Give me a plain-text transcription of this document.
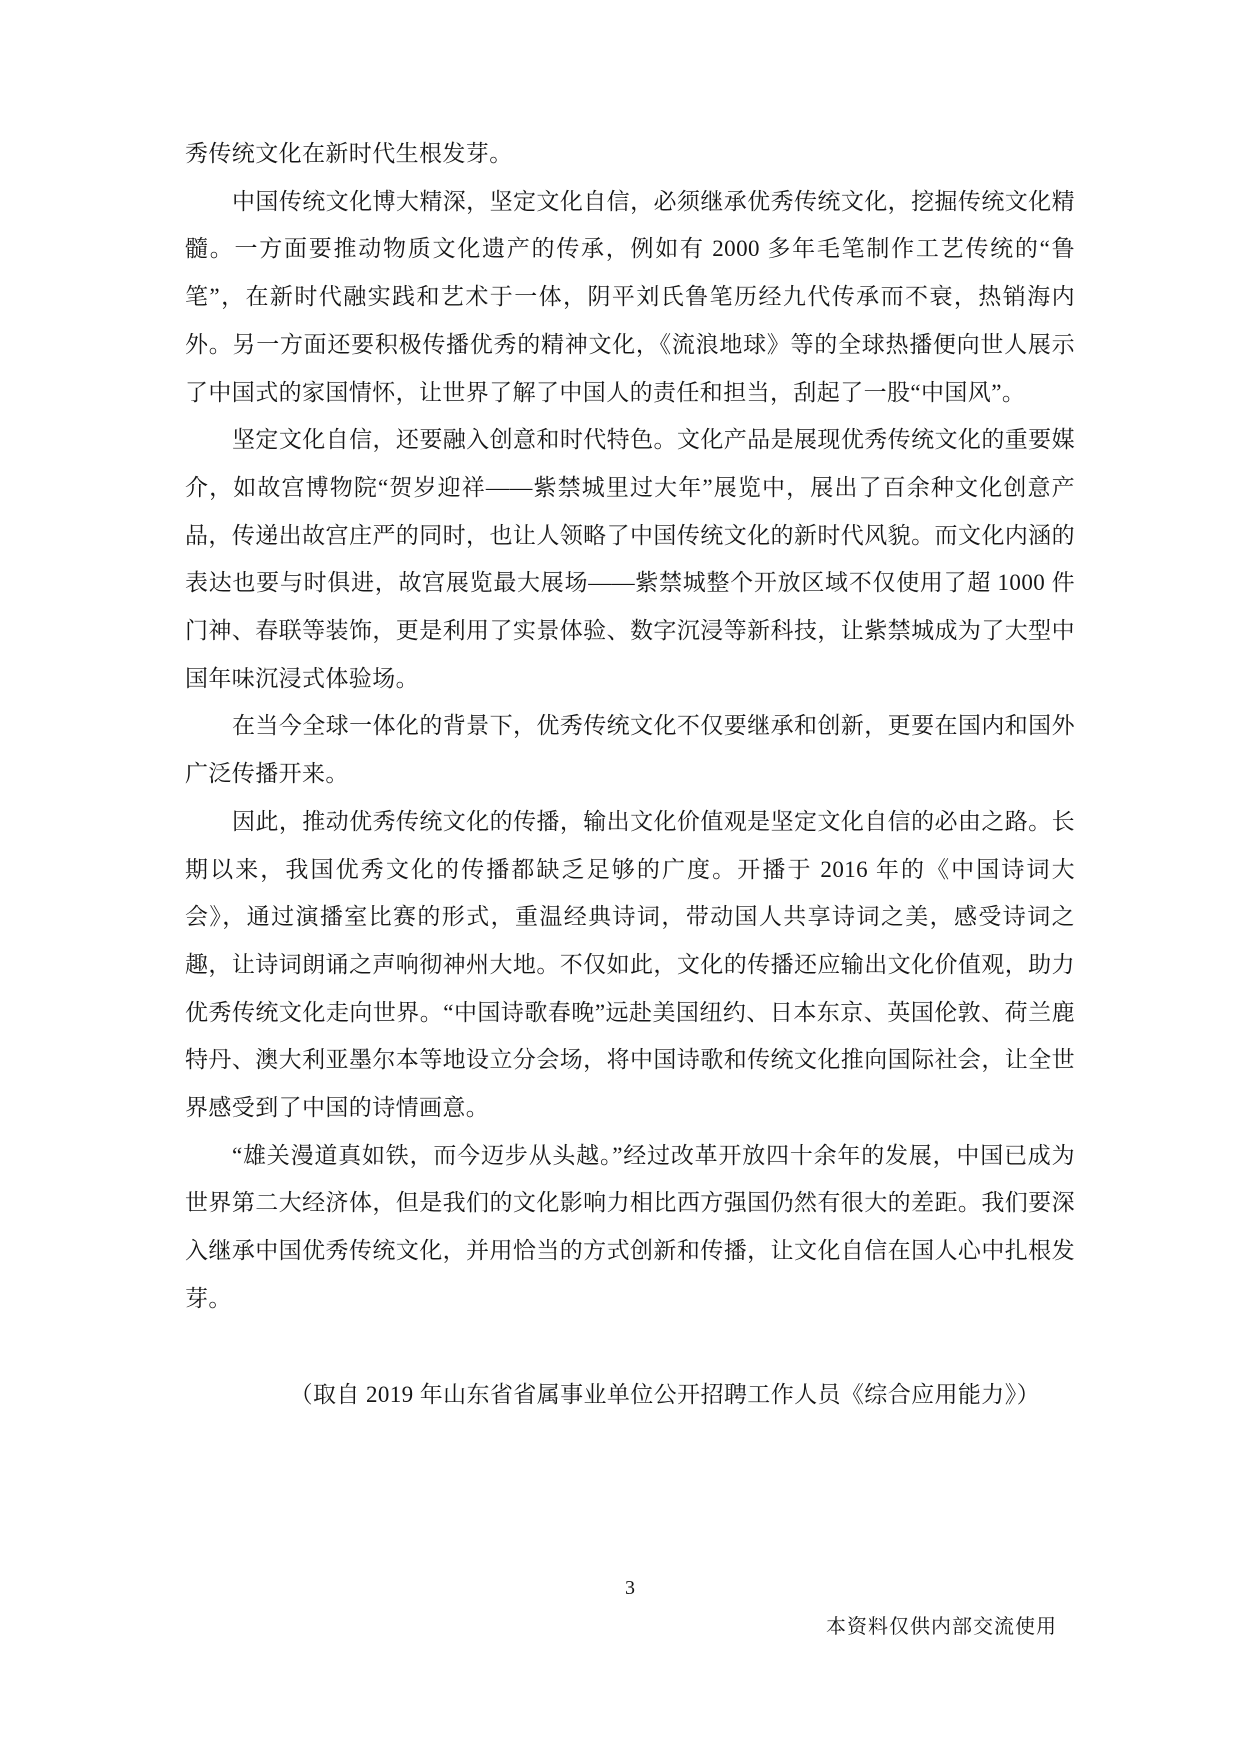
秀传统文化在新时代生根发芽。

中国传统文化博大精深，坚定文化自信，必须继承优秀传统文化，挖掘传统文化精髓。一方面要推动物质文化遗产的传承，例如有 2000 多年毛笔制作工艺传统的“鲁笔”，在新时代融实践和艺术于一体，阴平刘氏鲁笔历经九代传承而不衰，热销海内外。另一方面还要积极传播优秀的精神文化，《流浪地球》等的全球热播便向世人展示了中国式的家国情怀，让世界了解了中国人的责任和担当，刮起了一股“中国风”。

坚定文化自信，还要融入创意和时代特色。文化产品是展现优秀传统文化的重要媒介，如故宫博物院“贺岁迎祥——紫禁城里过大年”展览中，展出了百余种文化创意产品，传递出故宫庄严的同时，也让人领略了中国传统文化的新时代风貌。而文化内涵的表达也要与时俱进，故宫展览最大展场——紫禁城整个开放区域不仅使用了超 1000 件门神、春联等装饰，更是利用了实景体验、数字沉浸等新科技，让紫禁城成为了大型中国年味沉浸式体验场。

在当今全球一体化的背景下，优秀传统文化不仅要继承和创新，更要在国内和国外广泛传播开来。

因此，推动优秀传统文化的传播，输出文化价值观是坚定文化自信的必由之路。长期以来，我国优秀文化的传播都缺乏足够的广度。开播于 2016 年的《中国诗词大会》，通过演播室比赛的形式，重温经典诗词，带动国人共享诗词之美，感受诗词之趣，让诗词朗诵之声响彻神州大地。不仅如此，文化的传播还应输出文化价值观，助力优秀传统文化走向世界。“中国诗歌春晚”远赴美国纽约、日本东京、英国伦敦、荷兰鹿特丹、澳大利亚墨尔本等地设立分会场，将中国诗歌和传统文化推向国际社会，让全世界感受到了中国的诗情画意。

“雄关漫道真如铁，而今迈步从头越。”经过改革开放四十余年的发展，中国已成为世界第二大经济体，但是我们的文化影响力相比西方强国仍然有很大的差距。我们要深入继承中国优秀传统文化，并用恰当的方式创新和传播，让文化自信在国人心中扎根发芽。

（取自 2019 年山东省省属事业单位公开招聘工作人员《综合应用能力》）

3
本资料仅供内部交流使用
